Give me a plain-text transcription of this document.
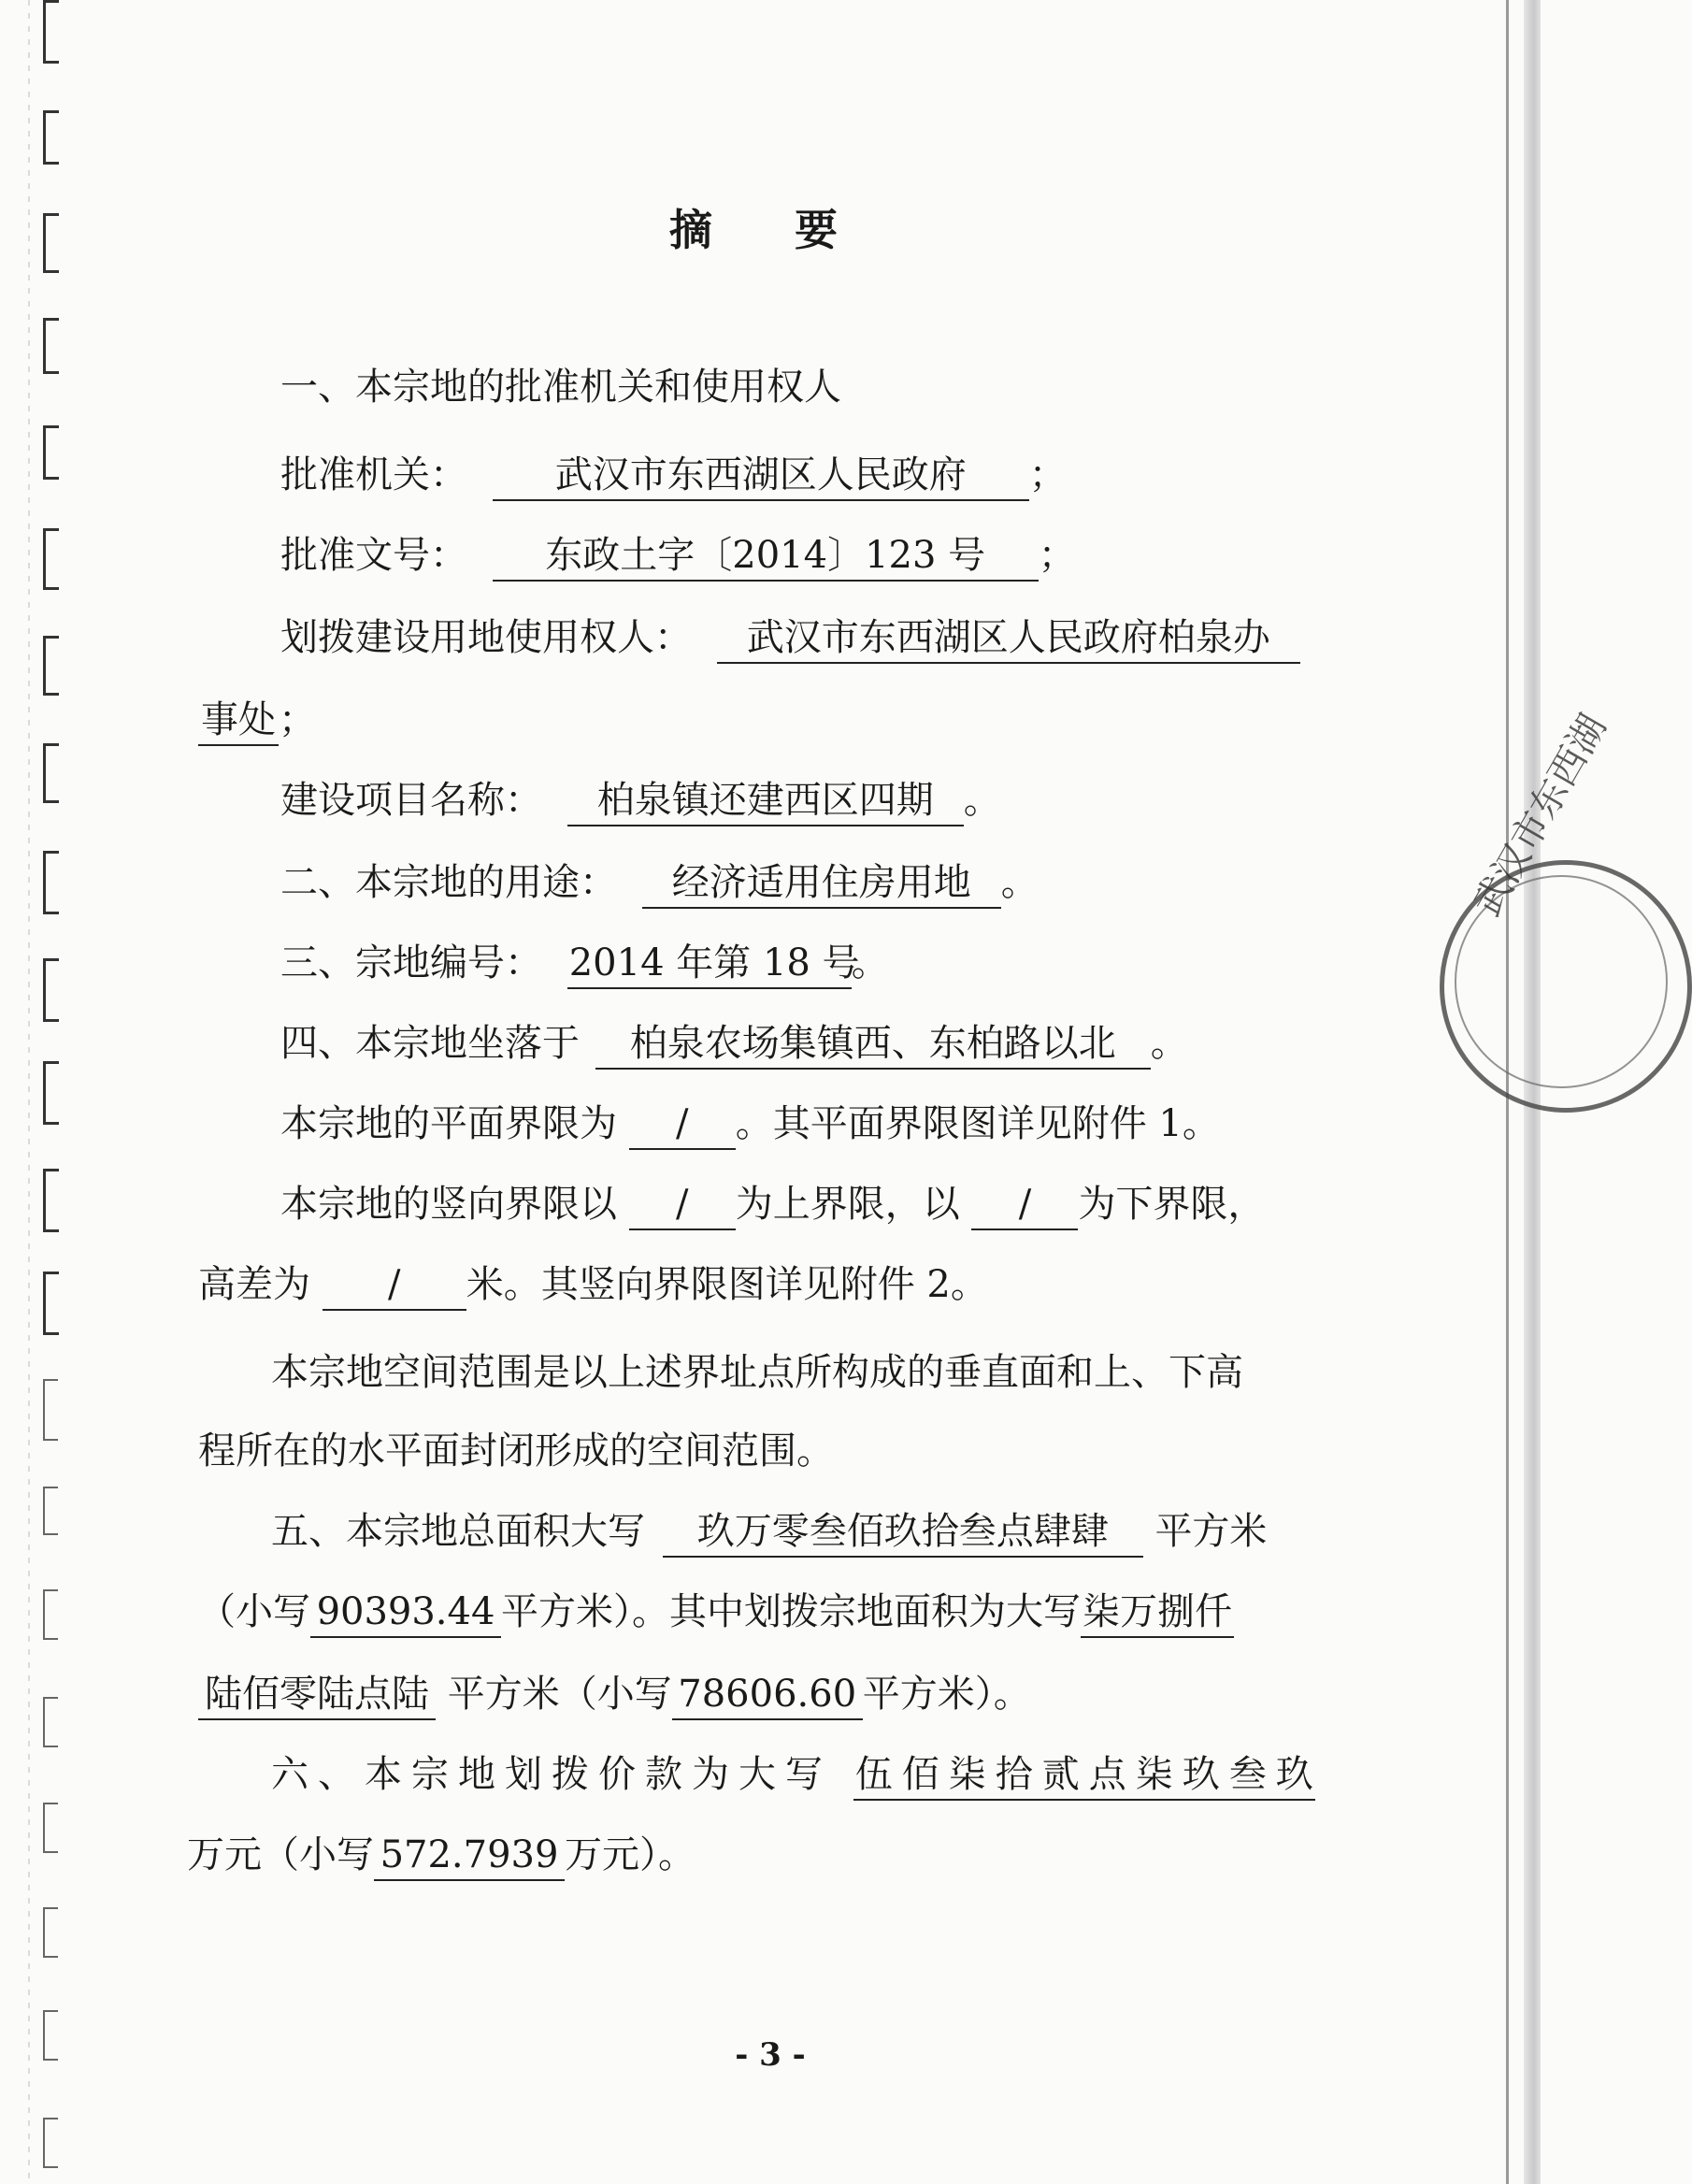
摘 要
一、本宗地的批准机关和使用权人
批准机关： 武汉市东西湖区人民政府 ；
批准文号： 东政土字〔2014〕123 号 ；
划拨建设用地使用权人： 武汉市东西湖区人民政府柏泉办
事处；
建设项目名称： 柏泉镇还建西区四期 。
二、本宗地的用途： 经济适用住房用地 。
三、宗地编号： 2014 年第 18 号。
四、本宗地坐落于 柏泉农场集镇西、东柏路以北 。
本宗地的平面界限为 / 。其平面界限图详见附件 1。
本宗地的竖向界限以 / 为上界限，以 / 为下界限，
高差为 / 米。其竖向界限图详见附件 2。
本宗地空间范围是以上述界址点所构成的垂直面和上、下高
程所在的水平面封闭形成的空间范围。
五、本宗地总面积大写 玖万零叁佰玖拾叁点肆肆 平方米
（小写 90393.44 平方米）。其中划拨宗地面积为大写柒万捌仟
陆佰零陆点陆 平方米（小写 78606.60 平方米）。
六、本宗地划拨价款为大写 伍佰柒拾贰点柒玖叁玖
万元（小写 572.7939 万元）。
武汉市东西湖
- 3 -
